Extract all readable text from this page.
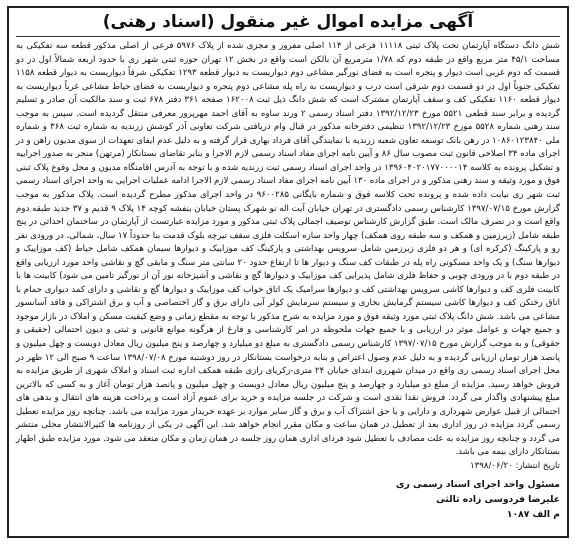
آگهی مزایده اموال غیر منقول (اسناد رهنی)

شش دانگ دستگاه آپارتمان تحت پلاک ثبتی ۱۱۱۱۸ فرعی از ۱۱۴ اصلی مفروز و مجزی شده از پلاک ۵۹۷۶ فرعی از اصلی مذکور قطعه سه تفکیکی به مساحت ۴۵/۱ متر مربع واقع در طبقه دوم که ۱/۷۸ مترمربع آن بالکن است واقع در بخش ۱۲ تهران حوزه ثبتی شهر ری با حدود اربعه شمالاً اول در دو قسمت که دوم غربی است دیوار و پنجره است به فضای نورگیر مشاعی دوم دیواریست به دیوار قطعه ۱۲۹۳ تفکیکی شرقاً دیواریست به دیوار قطعه ۱۱۵۸ تفکیکی جنوباً اول در دو قسمت دوم شرقی است درب و دیواریست به راه پله مشاعی دوم پنجره و دیواریست به فضای حیاط مشاعی غرباً دیواریست به دیوار قطعه ۱۱۶۰ تفکیکی کف و سقف آپارتمان مشترک است که شش دانگ ذیل ثبت ۱۶۲۰۰۸ صفحه ۳۶۱ دفتر ۶۷۸ ثبت و سند مالکیت آن صادر و تسلیم گردیده و برابر سند قطعی ۵۵۲۱ مورخ ۱۳۹۲/۱۲/۲۳ دفتر اسناد رسمی ۲ ورند ساوه به آقای احمد مهرپرور معرفی منتقل گردیده است. سپس به موجب سند رهنی شماره ۵۵۲۸ مورخ ۱۳۹۲/۱۲/۲۳ تنظیمی دفترخانه مذکور در قبال وام دریافتی شرکت تعاونی آذر کوشش زرندیه به شماره ثبت ۳۶۸ و شماره ملی ۱۰۸۶۰۱۲۳۸۴۰ در رهن بانک توسعه تعاون شعبه زرندیه با نمایندگی آقای فرداد بهاری قرار گرفته و به دلیل عدم ایفای تعهدات از سوی مدیون راهن و در اجرای ماده ۳۴ اصلاحی قانون ثبت مصوب سال ۸۶ و آیین نامه اجرای مفاد اسناد رسمی لازم الاجرا و بنابر تقاضای بستانکار (مرتهن) منجر به صدور اجراییه و تشکیل پرونده به کلاسه ۱۳۹۶۰۴۰۲۰۱۷۷۰۰۰۰۱۴ در واحد اجرای اسناد رسمی ثبت زرندیه شده و با توجه به آدرس اقامتگاه مدیون و محل وقوع پلاک ثبتی فوق و مورد وثیقه و سند رهنی مذکور و در اجرای ماده ۱۳۰ آیین نامه اجرای مفاد اسناد رسمی لازم الاجرا ادامه عملیات اجرایی به واحد اجرای اسناد رسمی ثبت شهر ری نیابت داده شده و پرونده تحت کلاسه فوق و شماره بایگانی ۹۶۰۰۲۸۵ در واحد اجرای مذکور مطرح گردیده است. پلاک مذکور به موجب گزارش مورخ ۱۳۹۷/۰۷/۱۵ کارشناس رسمی دادگستری در تهران خیابان آیت اله نو شهرک پستان خیابان بنفشه کوچه ۱۴ پلاک ۹ قدیم و ۳۷ جدید طبقه دوم واقع است و در تصرف مالک است. طبق گزارش کارشناس توصیف اجمالی پلاک ثبتی مذکور و مورد مزایده عبارتست از آپارتمان در ساختمان احداثی در پنج طبقه شامل (زیرزمین و همکف و سه طبقه روی همکف) چهار واحد سازه اسکلت فلزی سقف تیرچه بلوک قدمت بنا حدوداً ۱۷ سال، شمالی، در ورودی نفر رو و پارکینگ (کرکره ای) و هر دو فلزی زیرزمین شامل سرویس بهداشتی و پارکینگ کف موزاییک و دیوارها سیمان همکف شامل حیاط (کف موزاییک و دیوارها سنگ) و یک واحد مسکونی راه پله در طبقات کف سنگ و دیوار ها تا ارتفاع حدود ۲۰ سانتی متر سنگ و مابقی گچ و نقاشی واحد مورد ارزیابی واقع در طبقه دوم با در ورودی چوبی و حفاظ فلزی شامل پذیرایی کف موزاییک و دیوارها گچ و نقاشی و آشپزخانه نور آن از نورگیر تامین می شود) کابینت ها با کابینت فلزی کف و دیوارها کاشی سرویس بهداشتی کف و دیوارها سرامیک یک اتاق خواب کف موزاییک و دیوارها گچ و نقاشی و دارای کمد دیواری حمام با اتاق رختکن کف و دیوارها کاشی سیستم گرمایش بخاری و سیستم سرمایش کولر آبی دارای برق و گاز اختصاصی و آب و برق اشتراکی و فاقد آسانسور مشاعی می باشد. شش دانگ پلاک ثبتی مورد وثیقه فوق و مورد مزایده به شرح مذکور با توجه به مقطع زمانی و وضع کیفیت مسکن و املاک در بازار موجود و جمیع جهات و عوامل موثر در ارزیابی و با جمیع جهات ملحوظه در امر کارشناسی و فارغ از هرگونه موانع قانونی و ثبتی و دیون احتمالی (حقیقی و حقوقی) و به موجب گزارش مورخ ۱۳۹۷/۰۷/۱۵ کارشناس رسمی دادگستری به مبلغ دو میلیارد و چهارصد و پنج میلیون ریال معادل دویست و چهل میلیون و پانصد هزار تومان ارزیابی گردیده و به دلیل عدم وصول اعتراض و بنابه درخواست بستانکار در روز دوشنبه مورخ ۱۳۹۸/۰۷/۰۸ ساعت ۹ صبح الی ۱۲ ظهر در محل اجرای اسناد رسمی ری واقع در میدان شهرری ابتدای خیابان ۲۴ متری-زکریای رازی طبقه همکف اداره ثبت اسناد و املاک شهری از طریق مزایده به فروش خواهد رسید. مزایده از مبلغ دو میلیارد و چهارصد و پنج میلیون ریال معادل دویست و چهل میلیون و پانصد هزار تومان آغاز و به کسی که بالاترین مبلغ پیشنهادی واگذار می گردد. فروش نقدا نقدی است و شرکت در جلسه مزایده و خرید برای عموم آزاد است و پرداخت هزینه های انتقال و بدهی های احتمالی از قبیل عوارض شهرداری و دارایی و یا حق اشتراک آب و برق و گاز سایر موارد بر عهده خریدار مورد مزایده می باشد. چنانچه روز مزایده تعطیل رسمی گردد مزایده در روز اداری بعد از تعطیل در همان ساعت و مکان مقرر انجام خواهد شد. این آگهی در یکی از روزنامه ها کثیرالانتشار محلی منتشر می گردد و چنانچه روز مزایده به علت مصادف با تعطیل شود فردای اداری همان روز جلسه در همان زمان و مکان منعقد می شود. مورد مزایده طبق اظهار بستانکار دارای بیمه می باشد.

تاریخ انتشار: ۱۳۹۸/۰۶/۲۰

مسئول واحد اجرای اسناد رسمی ری
علیرضا فردوسی زاده ثالثی
م الف ۱۰۸۷
